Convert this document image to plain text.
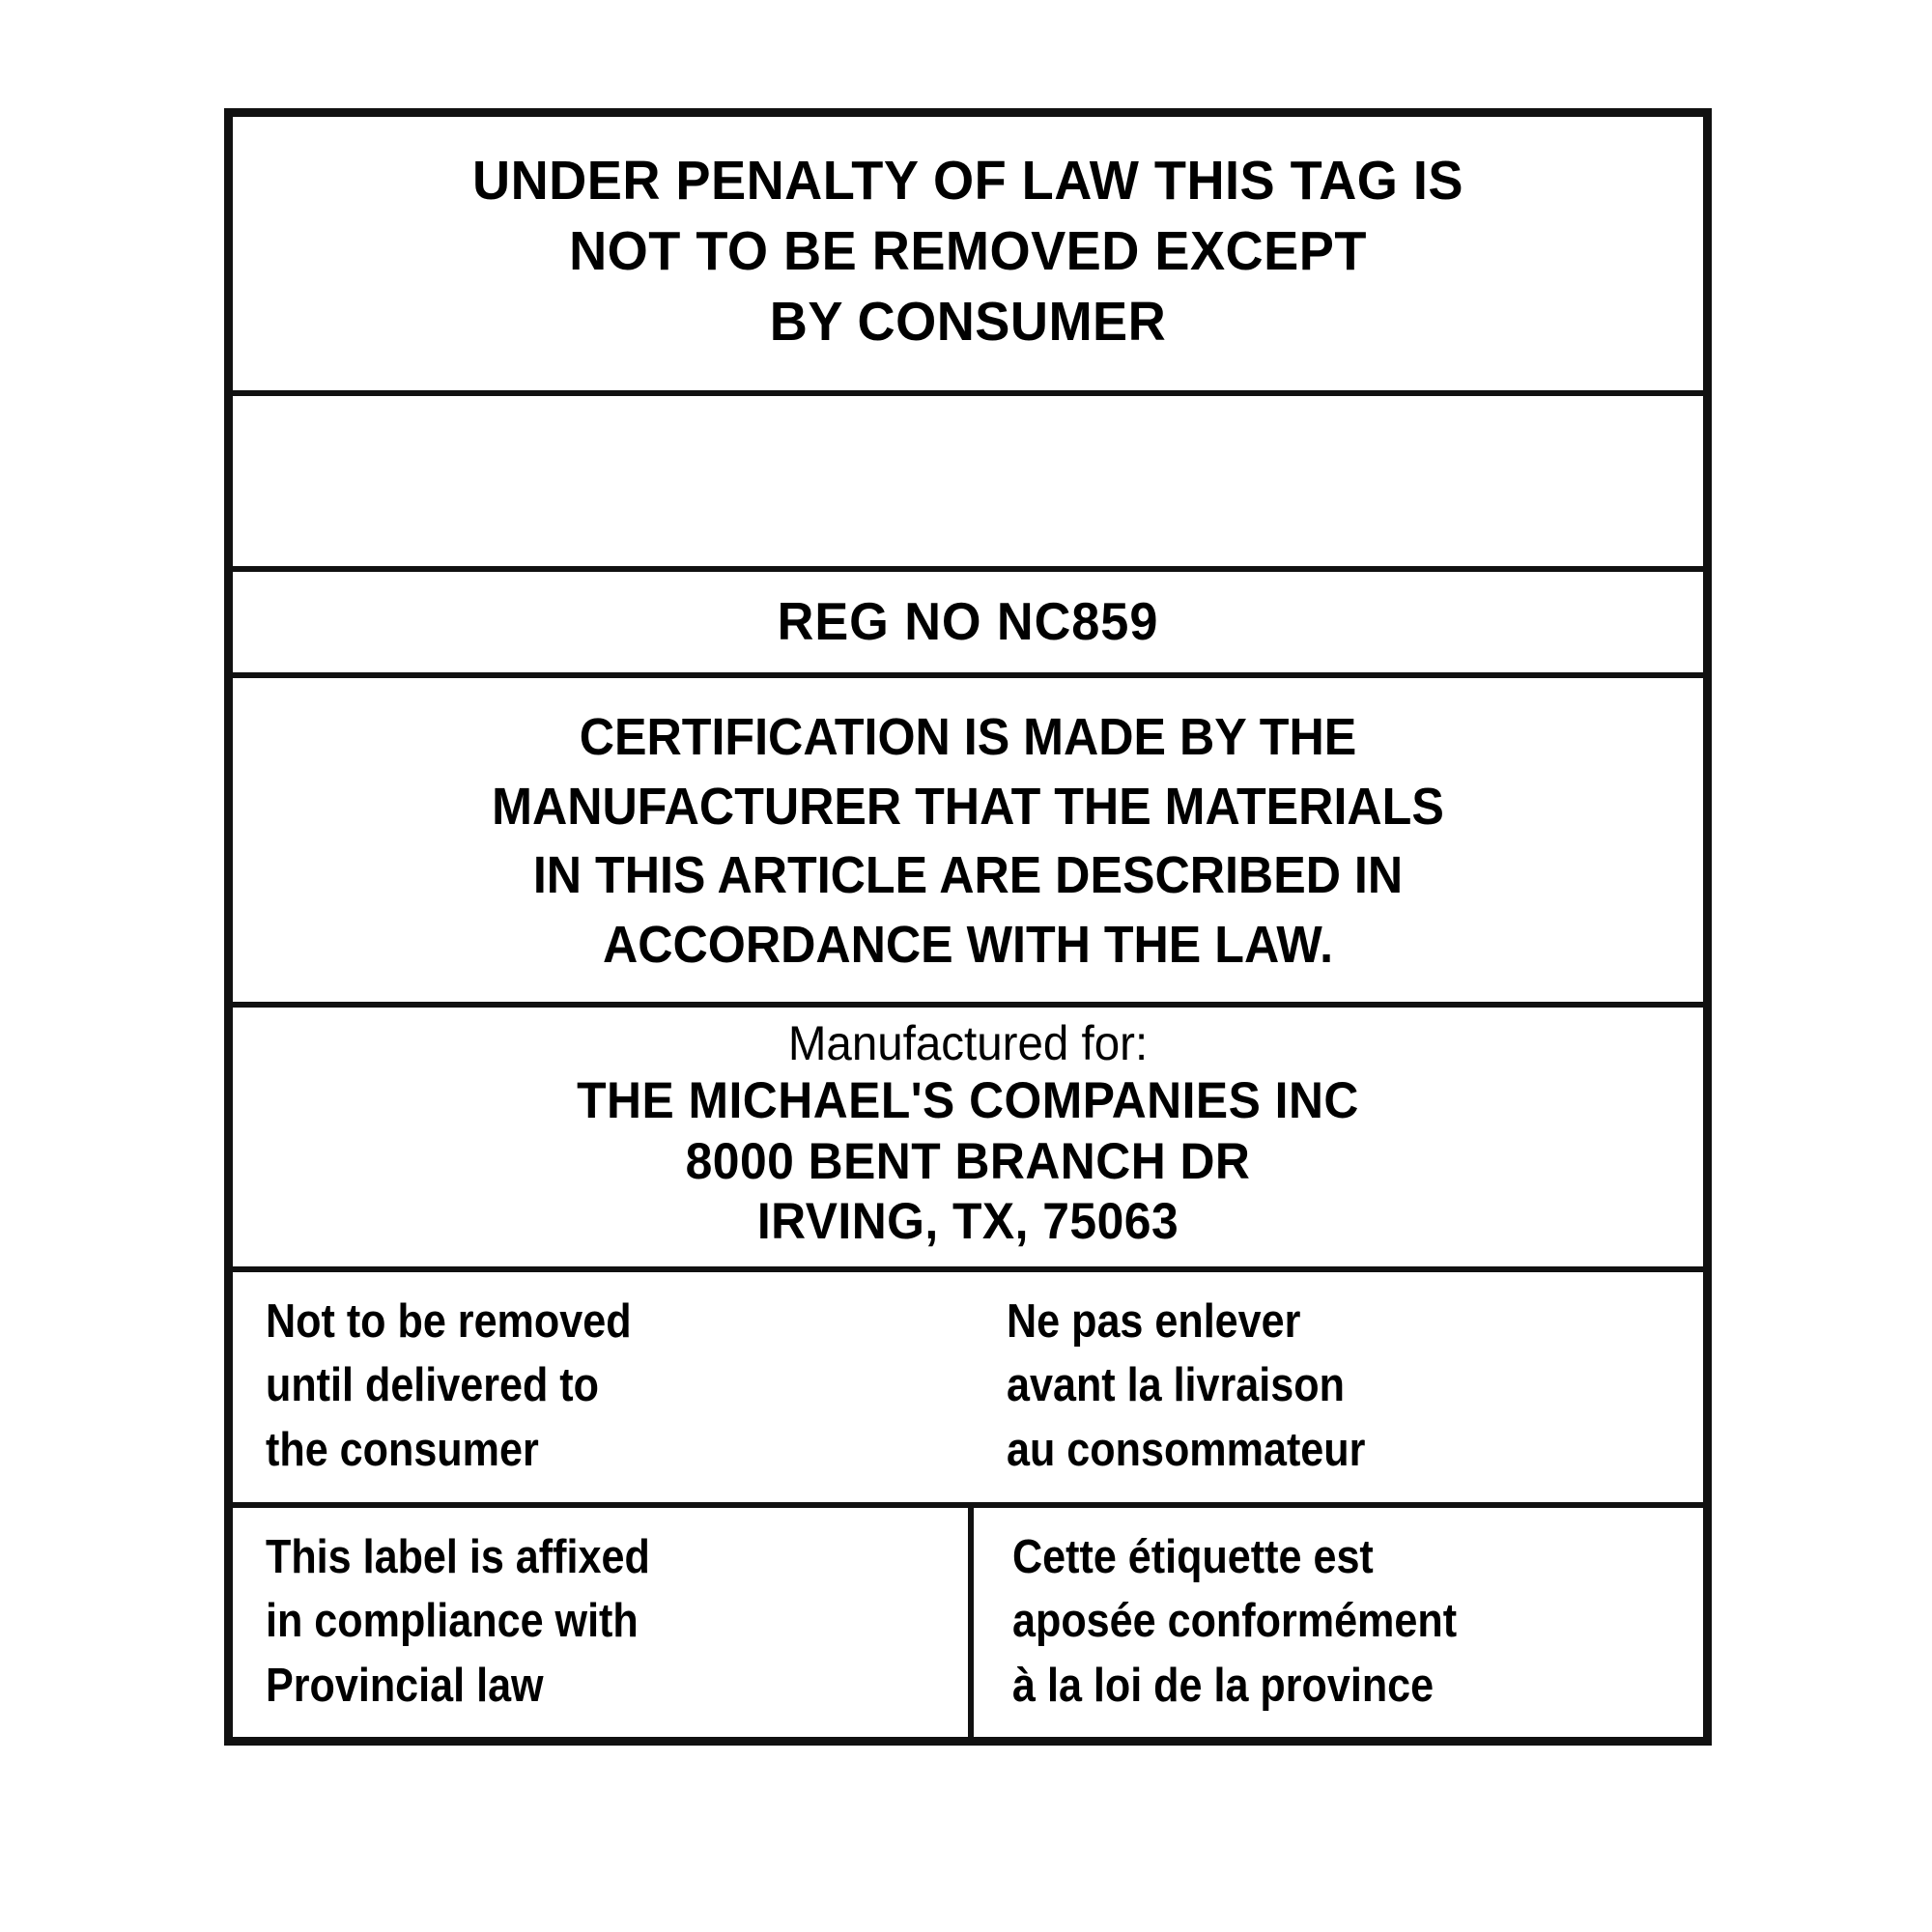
UNDER PENALTY OF LAW THIS TAG IS
NOT TO BE REMOVED EXCEPT
BY CONSUMER
REG NO NC859
CERTIFICATION IS MADE BY THE
MANUFACTURER THAT THE MATERIALS
IN THIS ARTICLE ARE DESCRIBED IN
ACCORDANCE WITH THE LAW.
Manufactured for:
THE MICHAEL'S COMPANIES INC
8000 BENT BRANCH DR
IRVING, TX, 75063
Not to be removed
until delivered to
the consumer
Ne pas enlever
avant la livraison
au consommateur
This label is affixed
in compliance with
Provincial law
Cette étiquette est
aposée conformément
à la loi de la province
